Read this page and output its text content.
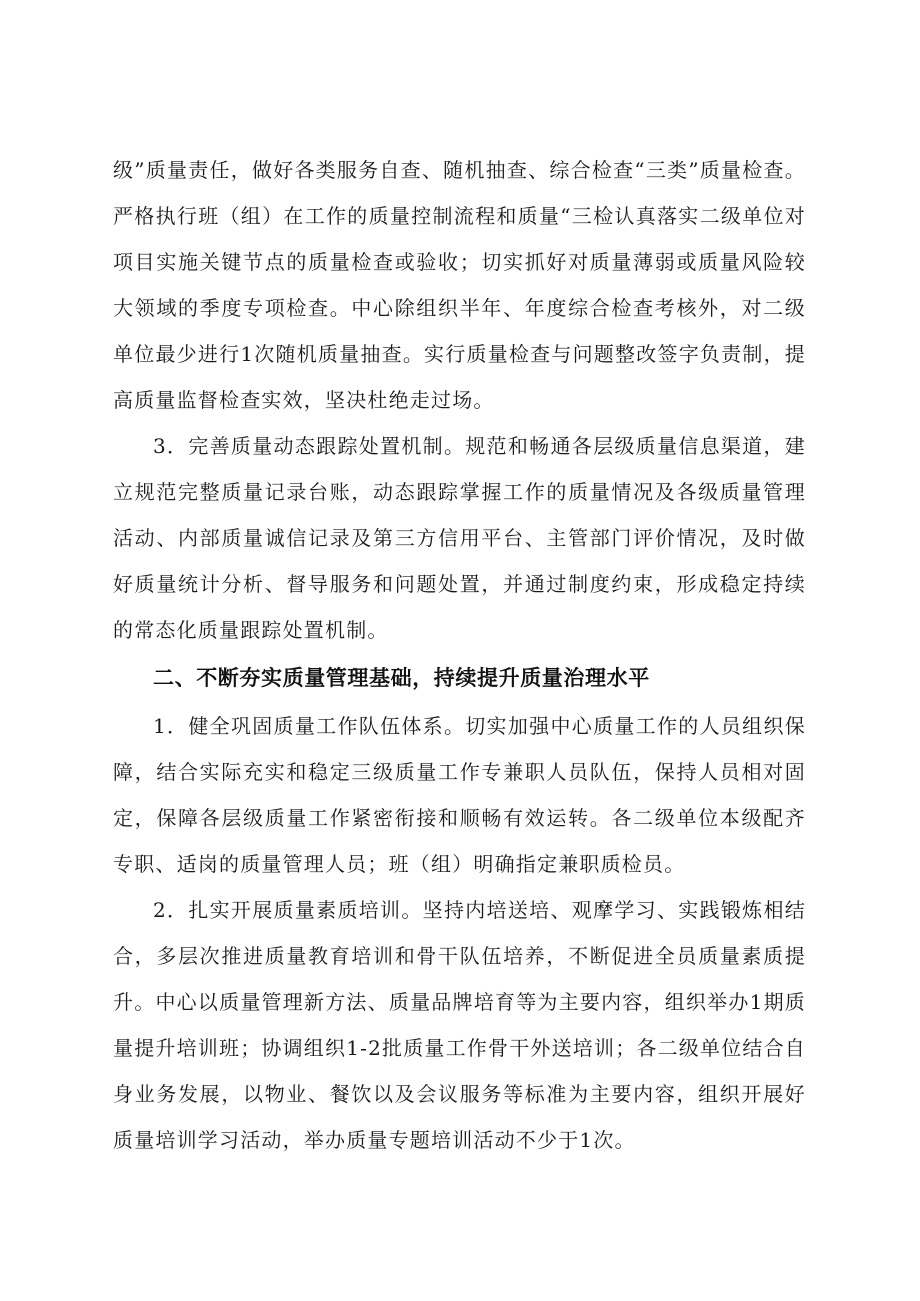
级”质量责任，做好各类服务自查、随机抽查、综合检查“三类”质量检查。严格执行班（组）在工作的质量控制流程和质量“三检认真落实二级单位对项目实施关键节点的质量检查或验收；切实抓好对质量薄弱或质量风险较大领域的季度专项检查。中心除组织半年、年度综合检查考核外，对二级单位最少进行1次随机质量抽查。实行质量检查与问题整改签字负责制，提高质量监督检查实效，坚决杜绝走过场。

3．完善质量动态跟踪处置机制。规范和畅通各层级质量信息渠道，建立规范完整质量记录台账，动态跟踪掌握工作的质量情况及各级质量管理活动、内部质量诚信记录及第三方信用平台、主管部门评价情况，及时做好质量统计分析、督导服务和问题处置，并通过制度约束，形成稳定持续的常态化质量跟踪处置机制。

二、不断夯实质量管理基础，持续提升质量治理水平

1．健全巩固质量工作队伍体系。切实加强中心质量工作的人员组织保障，结合实际充实和稳定三级质量工作专兼职人员队伍，保持人员相对固定，保障各层级质量工作紧密衔接和顺畅有效运转。各二级单位本级配齐专职、适岗的质量管理人员；班（组）明确指定兼职质检员。

2．扎实开展质量素质培训。坚持内培送培、观摩学习、实践锻炼相结合，多层次推进质量教育培训和骨干队伍培养，不断促进全员质量素质提升。中心以质量管理新方法、质量品牌培育等为主要内容，组织举办1期质量提升培训班；协调组织1-2批质量工作骨干外送培训；各二级单位结合自身业务发展，以物业、餐饮以及会议服务等标准为主要内容，组织开展好质量培训学习活动，举办质量专题培训活动不少于1次。
